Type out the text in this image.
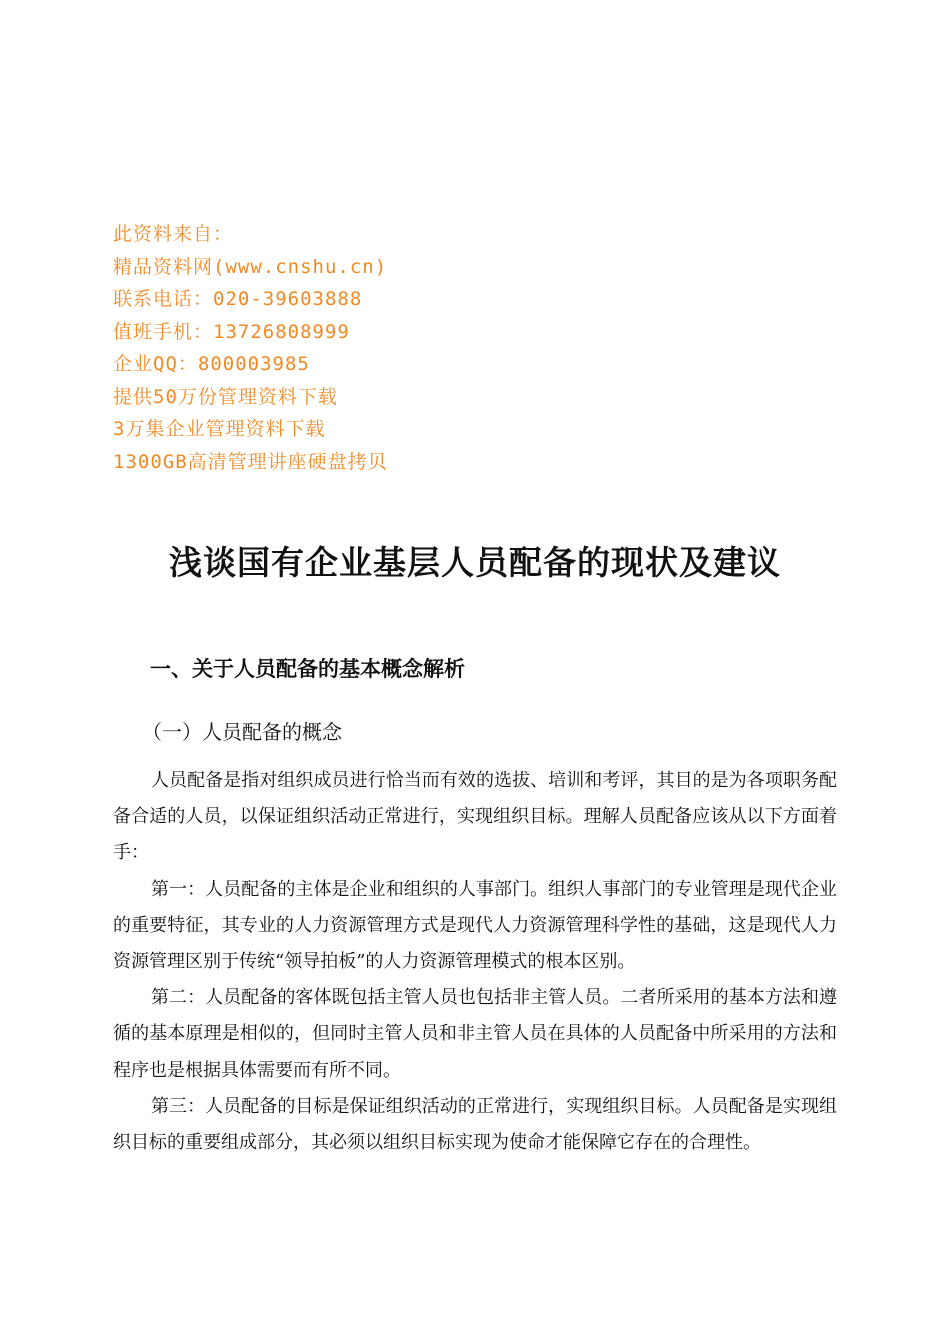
此资料来自：
精品资料网(www.cnshu.cn)
联系电话：020-39603888
值班手机：13726808999
企业QQ：800003985
提供50万份管理资料下载
3万集企业管理资料下载
1300GB高清管理讲座硬盘拷贝
浅谈国有企业基层人员配备的现状及建议
一、关于人员配备的基本概念解析
（一）人员配备的概念

人员配备是指对组织成员进行恰当而有效的选拔、培训和考评，其目的是为各项职务配备合适的人员，以保证组织活动正常进行，实现组织目标。理解人员配备应该从以下方面着手：

第一：人员配备的主体是企业和组织的人事部门。组织人事部门的专业管理是现代企业的重要特征，其专业的人力资源管理方式是现代人力资源管理科学性的基础，这是现代人力资源管理区别于传统“领导拍板”的人力资源管理模式的根本区别。

第二：人员配备的客体既包括主管人员也包括非主管人员。二者所采用的基本方法和遵循的基本原理是相似的，但同时主管人员和非主管人员在具体的人员配备中所采用的方法和程序也是根据具体需要而有所不同。

第三：人员配备的目标是保证组织活动的正常进行，实现组织目标。人员配备是实现组织目标的重要组成部分，其必须以组织目标实现为使命才能保障它存在的合理性。
